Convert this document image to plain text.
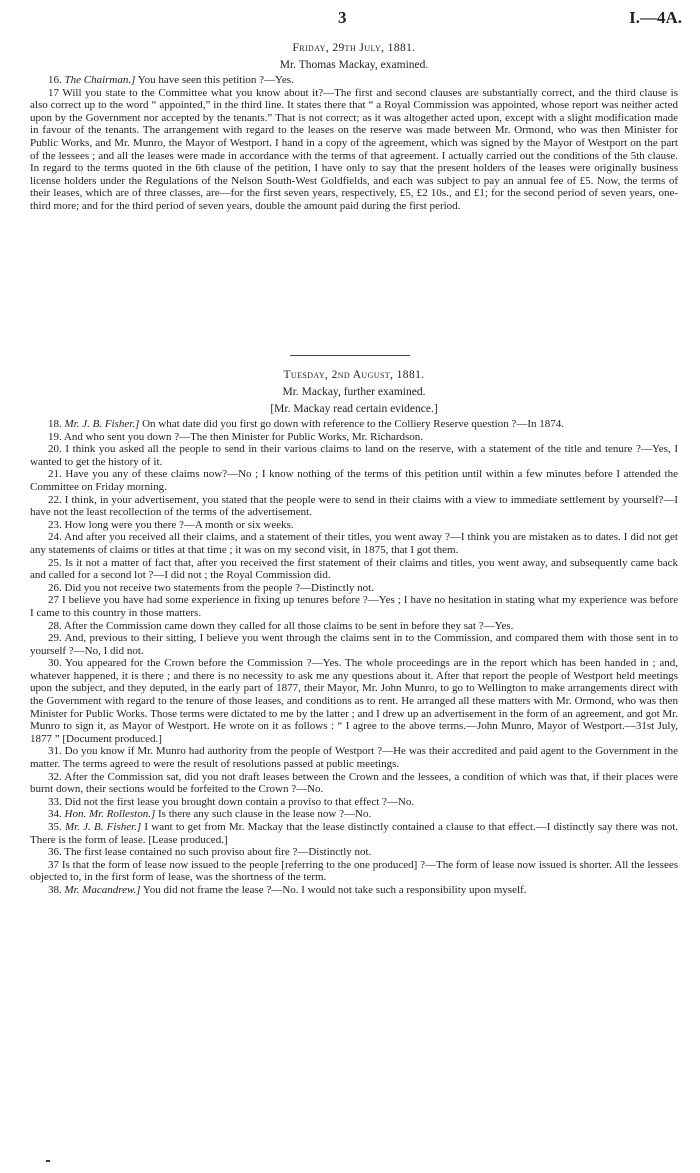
3	I.—4A.
Friday, 29th July, 1881.
Mr. Thomas Mackay, examined.

16. The Chairman.] You have seen this petition ?—Yes.

17 Will you state to the Committee what you know about it?—The first and second clauses are substantially correct, and the third clause is also correct up to the word “ appointed,” in the third line. It states there that “ a Royal Commission was appointed, whose report was neither acted upon by the Government nor accepted by the tenants.” That is not correct; as it was altogether acted upon, except with a slight modification made in favour of the tenants. The arrangement with regard to the leases on the reserve was made between Mr. Ormond, who was then Minister for Public Works, and Mr. Munro, the Mayor of Westport. I hand in a copy of the agreement, which was signed by the Mayor of Westport on the part of the lessees ; and all the leases were made in accordance with the terms of that agreement. I actually carried out the conditions of the 5th clause. In regard to the terms quoted in the 6th clause of the petition, I have only to say that the present holders of the leases were originally business license holders under the Regulations of the Nelson South-West Goldfields, and each was subject to pay an annual fee of £5. Now, the terms of their leases, which are of three classes, are—for the first seven years, respectively, £5, £2 10s., and £1; for the second period of seven years, one-third more; and for the third period of seven years, double the amount paid during the first period.

Tuesday, 2nd August, 1881.
Mr. Mackay, further examined.
[Mr. Mackay read certain evidence.]

18. Mr. J. B. Fisher.] On what date did you first go down with reference to the Colliery Reserve question ?—In 1874.

19. And who sent you down ?—The then Minister for Public Works, Mr. Richardson.

20. I think you asked all the people to send in their various claims to land on the reserve, with a statement of the title and tenure ?—Yes, I wanted to get the history of it.

21. Have you any of these claims now?—No ; I know nothing of the terms of this petition until within a few minutes before I attended the Committee on Friday morning.

22. I think, in your advertisement, you stated that the people were to send in their claims with a view to immediate settlement by yourself?—I have not the least recollection of the terms of the advertisement.

23. How long were you there ?—A month or six weeks.

24. And after you received all their claims, and a statement of their titles, you went away ?—I think you are mistaken as to dates. I did not get any statements of claims or titles at that time ; it was on my second visit, in 1875, that I got them.

25. Is it not a matter of fact that, after you received the first statement of their claims and titles, you went away, and subsequently came back and called for a second lot ?—I did not ; the Royal Commission did.

26. Did you not receive two statements from the people ?—Distinctly not.

27 I believe you have had some experience in fixing up tenures before ?—Yes ; I have no hesitation in stating what my experience was before I came to this country in those matters.

28. After the Commission came down they called for all those claims to be sent in before they sat ?—Yes.

29. And, previous to their sitting, I believe you went through the claims sent in to the Commission, and compared them with those sent in to yourself ?—No, I did not.

30. You appeared for the Crown before the Commission ?—Yes. The whole proceedings are in the report which has been handed in ; and, whatever happened, it is there ; and there is no necessity to ask me any questions about it. After that report the people of Westport held meetings upon the subject, and they deputed, in the early part of 1877, their Mayor, Mr. John Munro, to go to Wellington to make arrangements direct with the Government with regard to the tenure of those leases, and conditions as to rent. He arranged all these matters with Mr. Ormond, who was then Minister for Public Works. Those terms were dictated to me by the latter ; and I drew up an advertisement in the form of an agreement, and got Mr. Munro to sign it, as Mayor of Westport. He wrote on it as follows : “ I agree to the above terms.—John Munro, Mayor of Westport.—31st July, 1877 ” [Document produced.]

31. Do you know if Mr. Munro had authority from the people of Westport ?—He was their accredited and paid agent to the Government in the matter. The terms agreed to were the result of resolutions passed at public meetings.

32. After the Commission sat, did you not draft leases between the Crown and the lessees, a condition of which was that, if their places were burnt down, their sections would be forfeited to the Crown ?—No.

33. Did not the first lease you brought down contain a proviso to that effect ?—No.

34. Hon. Mr. Rolleston.] Is there any such clause in the lease now ?—No.

35. Mr. J. B. Fisher.] I want to get from Mr. Mackay that the lease distinctly contained a clause to that effect.—I distinctly say there was not. There is the form of lease. [Lease produced.]

36. The first lease contained no such proviso about fire ?—Distinctly not.

37 Is that the form of lease now issued to the people [referring to the one produced] ?—The form of lease now issued is shorter. All the lessees objected to, in the first form of lease, was the shortness of the term.

38. Mr. Macandrew.] You did not frame the lease ?—No. I would not take such a responsibility upon myself.
